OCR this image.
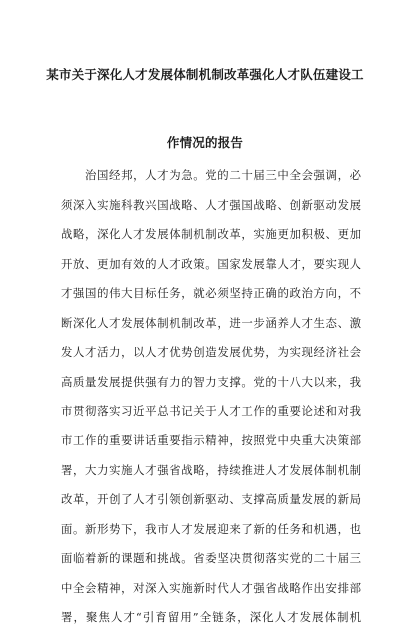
某市关于深化人才发展体制机制改革强化人才队伍建设工
作情况的报告
治国经邦，人才为急。党的二十届三中全会强调，必
须深入实施科教兴国战略、人才强国战略、创新驱动发展
战略，深化人才发展体制机制改革，实施更加积极、更加
开放、更加有效的人才政策。国家发展靠人才，要实现人
才强国的伟大目标任务，就必须坚持正确的政治方向，不
断深化人才发展体制机制改革，进一步涵养人才生态、激
发人才活力，以人才优势创造发展优势，为实现经济社会
高质量发展提供强有力的智力支撑。党的十八大以来，我
市贯彻落实习近平总书记关于人才工作的重要论述和对我
市工作的重要讲话重要指示精神，按照党中央重大决策部
署，大力实施人才强省战略，持续推进人才发展体制机制
改革，开创了人才引领创新驱动、支撑高质量发展的新局
面。新形势下，我市人才发展迎来了新的任务和机遇，也
面临着新的课题和挑战。省委坚决贯彻落实党的二十届三
中全会精神，对深入实施新时代人才强省战略作出安排部
署，聚焦人才“引育留用”全链条，深化人才发展体制机
